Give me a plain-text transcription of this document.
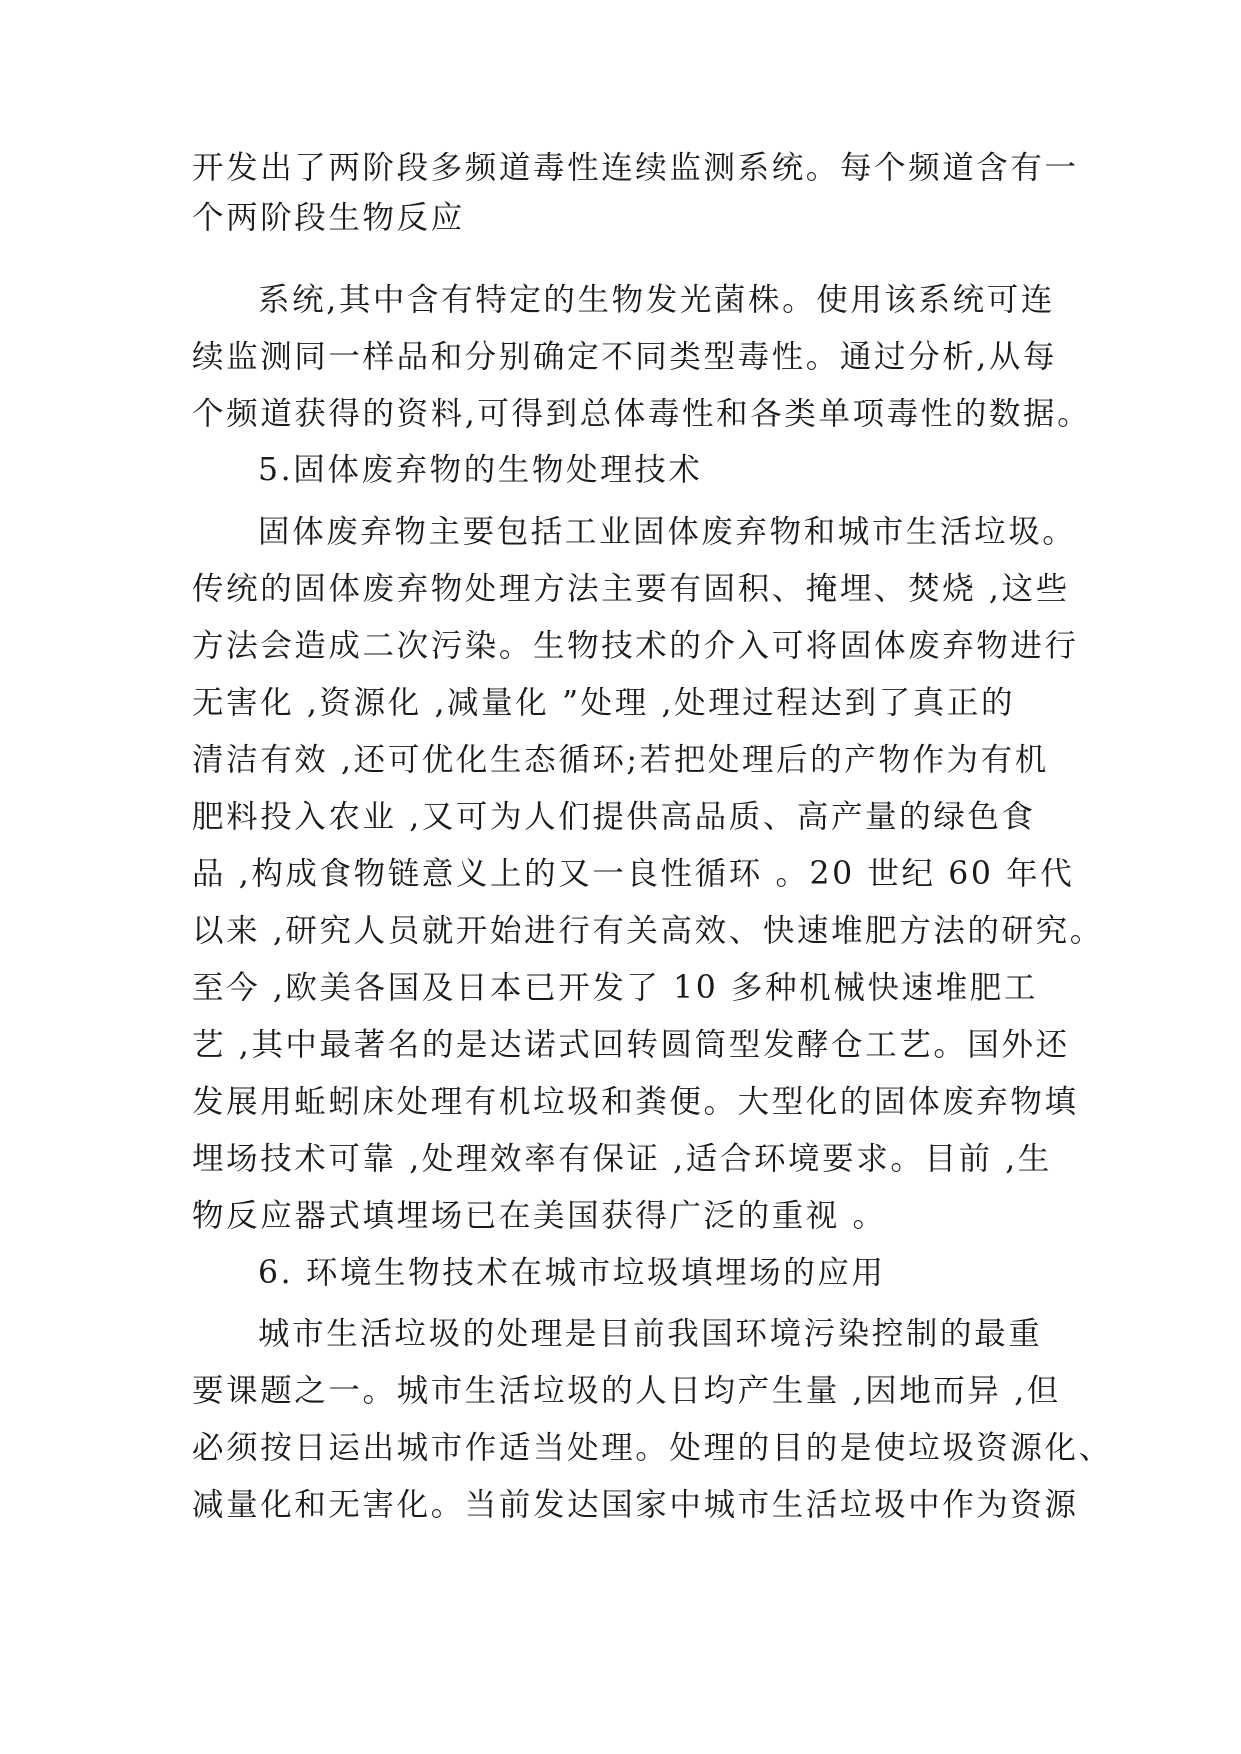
开发出了两阶段多频道毒性连续监测系统。每个频道含有一
个两阶段生物反应
系统,其中含有特定的生物发光菌株。使用该系统可连
续监测同一样品和分别确定不同类型毒性。通过分析,从每
个频道获得的资料,可得到总体毒性和各类单项毒性的数据。
5.固体废弃物的生物处理技术
固体废弃物主要包括工业固体废弃物和城市生活垃圾。
传统的固体废弃物处理方法主要有固积、掩埋、焚烧 ,这些
方法会造成二次污染。生物技术的介入可将固体废弃物进行
无害化 ,资源化 ,减量化 ”处理 ,处理过程达到了真正的
清洁有效 ,还可优化生态循环;若把处理后的产物作为有机
肥料投入农业 ,又可为人们提供高品质、高产量的绿色食
品 ,构成食物链意义上的又一良性循环 。20 世纪 60 年代
以来 ,研究人员就开始进行有关高效、快速堆肥方法的研究。
至今 ,欧美各国及日本已开发了 10 多种机械快速堆肥工
艺 ,其中最著名的是达诺式回转圆筒型发酵仓工艺。国外还
发展用蚯蚓床处理有机垃圾和粪便。大型化的固体废弃物填
埋场技术可靠 ,处理效率有保证 ,适合环境要求。目前 ,生
物反应器式填埋场已在美国获得广泛的重视 。
6. 环境生物技术在城市垃圾填埋场的应用
城市生活垃圾的处理是目前我国环境污染控制的最重
要课题之一。城市生活垃圾的人日均产生量 ,因地而异 ,但
必须按日运出城市作适当处理。处理的目的是使垃圾资源化、
减量化和无害化。当前发达国家中城市生活垃圾中作为资源
